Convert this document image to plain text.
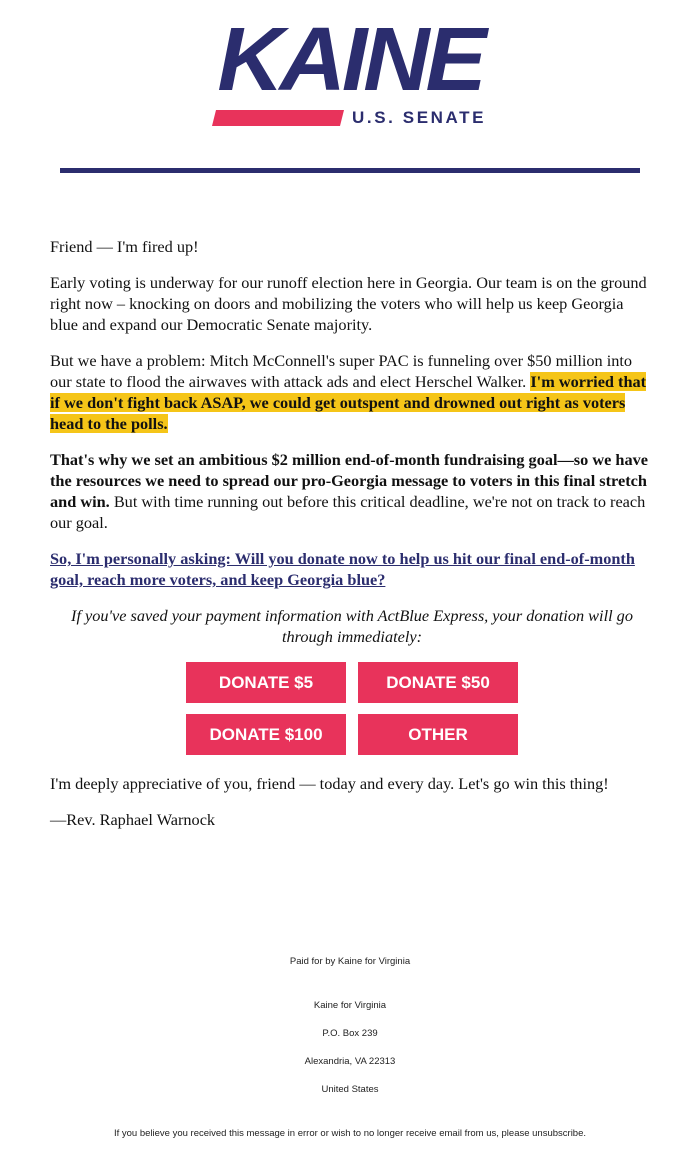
KAINE
U.S. SENATE

Friend — I'm fired up!

Early voting is underway for our runoff election here in Georgia. Our team is on the ground right now – knocking on doors and mobilizing the voters who will help us keep Georgia blue and expand our Democratic Senate majority.

But we have a problem: Mitch McConnell's super PAC is funneling over $50 million into our state to flood the airwaves with attack ads and elect Herschel Walker. I'm worried that if we don't fight back ASAP, we could get outspent and drowned out right as voters head to the polls.

That's why we set an ambitious $2 million end-of-month fundraising goal—so we have the resources we need to spread our pro-Georgia message to voters in this final stretch and win. But with time running out before this critical deadline, we're not on track to reach our goal.

So, I'm personally asking: Will you donate now to help us hit our final end-of-month goal, reach more voters, and keep Georgia blue?

If you've saved your payment information with ActBlue Express, your donation will go through immediately:

DONATE $5	DONATE $50
DONATE $100	OTHER

I'm deeply appreciative of you, friend — today and every day. Let's go win this thing!

—Rev. Raphael Warnock

Paid for by Kaine for Virginia
Kaine for Virginia
P.O. Box 239
Alexandria, VA 22313
United States
If you believe you received this message in error or wish to no longer receive email from us, please unsubscribe.
